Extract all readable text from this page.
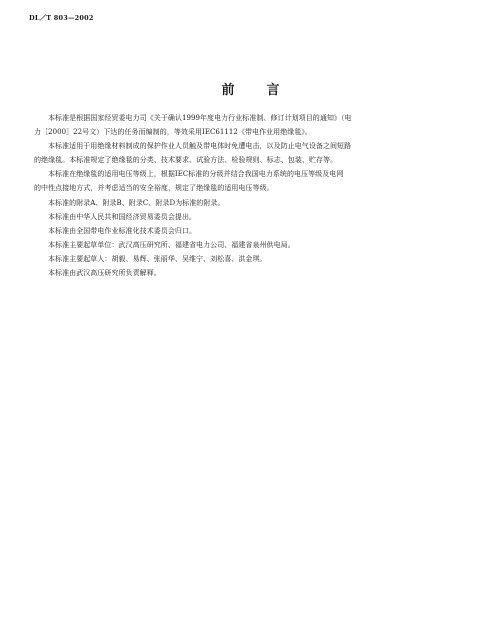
DL／T 803—2002
前 言

本标准是根据国家经贸委电力司《关于确认1999年度电力行业标准制、修订计划项目的通知》（电

力［2000］22号文）下达的任务而编制的，等效采用IEC61112《带电作业用绝缘毯》。

本标准适用于用绝缘材料制成的保护作业人员触及带电体时免遭电击，以及防止电气设备之间短路

的绝缘毯。本标准规定了绝缘毯的分类、技术要求、试验方法、检验规则、标志、包装、贮存等。

本标准在绝缘毯的适用电压等级上，根据IEC标准的分级并结合我国电力系统的电压等级及电网

的中性点接地方式，并考虑适当的安全裕度，规定了绝缘毯的适用电压等级。

本标准的附录A、附录B、附录C、附录D为标准的附录。

本标准由中华人民共和国经济贸易委员会提出。

本标准由全国带电作业标准化技术委员会归口。

本标准主要起草单位：武汉高压研究所、福建省电力公司、福建省泉州供电局。

本标准主要起草人：胡毅、易辉、张丽华、吴维宁、刘松喜、洪金琪。

本标准由武汉高压研究所负责解释。
